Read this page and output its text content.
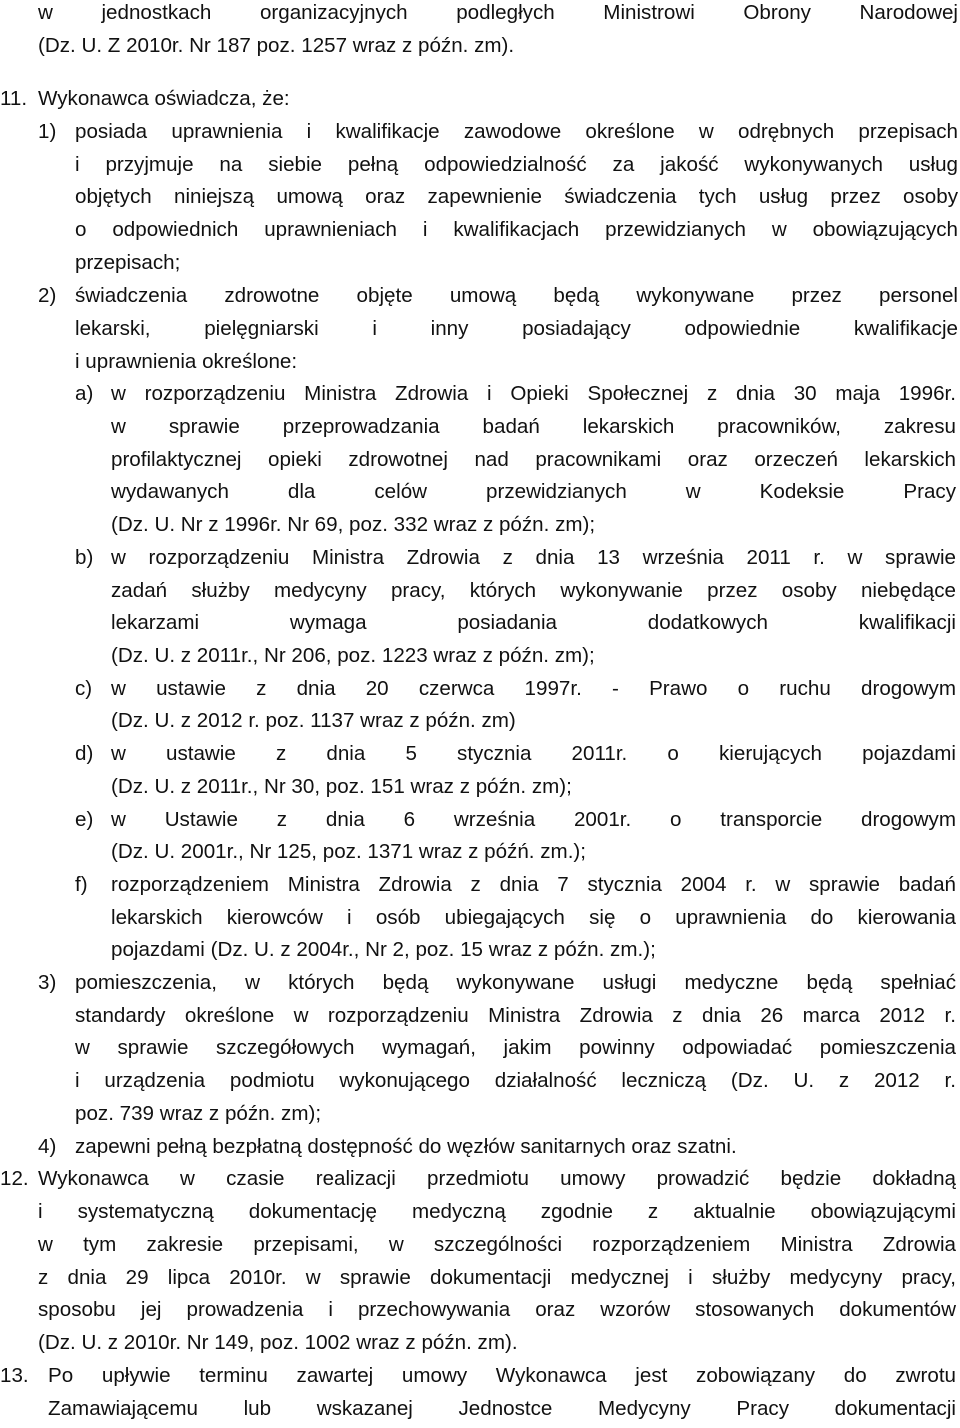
w jednostkach organizacyjnych podległych Ministrowi Obrony Narodowej
(Dz. U. Z 2010r. Nr 187 poz. 1257 wraz z późn. zm).
11. Wykonawca oświadcza, że:
1) posiada uprawnienia i kwalifikacje zawodowe określone w odrębnych przepisach
i przyjmuje na siebie pełną odpowiedzialność za jakość wykonywanych usług
objętych niniejszą umową oraz zapewnienie świadczenia tych usług przez osoby
o odpowiednich uprawnieniach i kwalifikacjach przewidzianych w obowiązujących
przepisach;
2) świadczenia zdrowotne objęte umową będą wykonywane przez personel
lekarski, pielęgniarski i inny posiadający odpowiednie kwalifikacje
i uprawnienia określone:
a) w rozporządzeniu Ministra Zdrowia i Opieki Społecznej z dnia 30 maja 1996r.
w sprawie przeprowadzania badań lekarskich pracowników, zakresu
profilaktycznej opieki zdrowotnej nad pracownikami oraz orzeczeń lekarskich
wydawanych dla celów przewidzianych w Kodeksie Pracy
(Dz. U. Nr z 1996r. Nr 69, poz. 332 wraz z późn. zm);
b) w rozporządzeniu Ministra Zdrowia z dnia 13 września 2011 r. w sprawie
zadań służby medycyny pracy, których wykonywanie przez osoby niebędące
lekarzami wymaga posiadania dodatkowych kwalifikacji
(Dz. U. z 2011r., Nr 206, poz. 1223 wraz z późn. zm);
c) w ustawie z dnia 20 czerwca 1997r. - Prawo o ruchu drogowym
(Dz. U. z 2012 r. poz. 1137 wraz z późn. zm)
d) w ustawie z dnia 5 stycznia 2011r. o kierujących pojazdami
(Dz. U. z 2011r., Nr 30, poz. 151 wraz z późn. zm);
e) w Ustawie z dnia 6 września 2001r. o transporcie drogowym
(Dz. U. 2001r., Nr 125, poz. 1371 wraz z póź́ń. zm.);
f) rozporządzeniem Ministra Zdrowia z dnia 7 stycznia 2004 r. w sprawie badań
lekarskich kierowców i osób ubiegających się o uprawnienia do kierowania
pojazdami (Dz. U. z 2004r., Nr 2, poz. 15 wraz z późn. zm.);
3) pomieszczenia, w których będą wykonywane usługi medyczne będą spełniać
standardy określone w rozporządzeniu Ministra Zdrowia z dnia 26 marca 2012 r.
w sprawie szczegółowych wymagań, jakim powinny odpowiadać pomieszczenia
i urządzenia podmiotu wykonującego działalność leczniczą (Dz. U. z 2012 r.
poz. 739 wraz z późn. zm);
4) zapewni pełną bezpłatną dostępność do węzłów sanitarnych oraz szatni.
12. Wykonawca w czasie realizacji przedmiotu umowy prowadzić będzie dokładną
i systematyczną dokumentację medyczną zgodnie z aktualnie obowiązującymi
w tym zakresie przepisami, w szczególności rozporządzeniem Ministra Zdrowia
z dnia 29 lipca 2010r. w sprawie dokumentacji medycznej i służby medycyny pracy,
sposobu jej prowadzenia i przechowywania oraz wzorów stosowanych dokumentów
(Dz. U. z 2010r. Nr 149, poz. 1002 wraz z późn. zm).
13. Po upływie terminu zawartej umowy Wykonawca jest zobowiązany do zwrotu
Zamawiającemu lub wskazanej Jednostce Medycyny Pracy dokumentacji
